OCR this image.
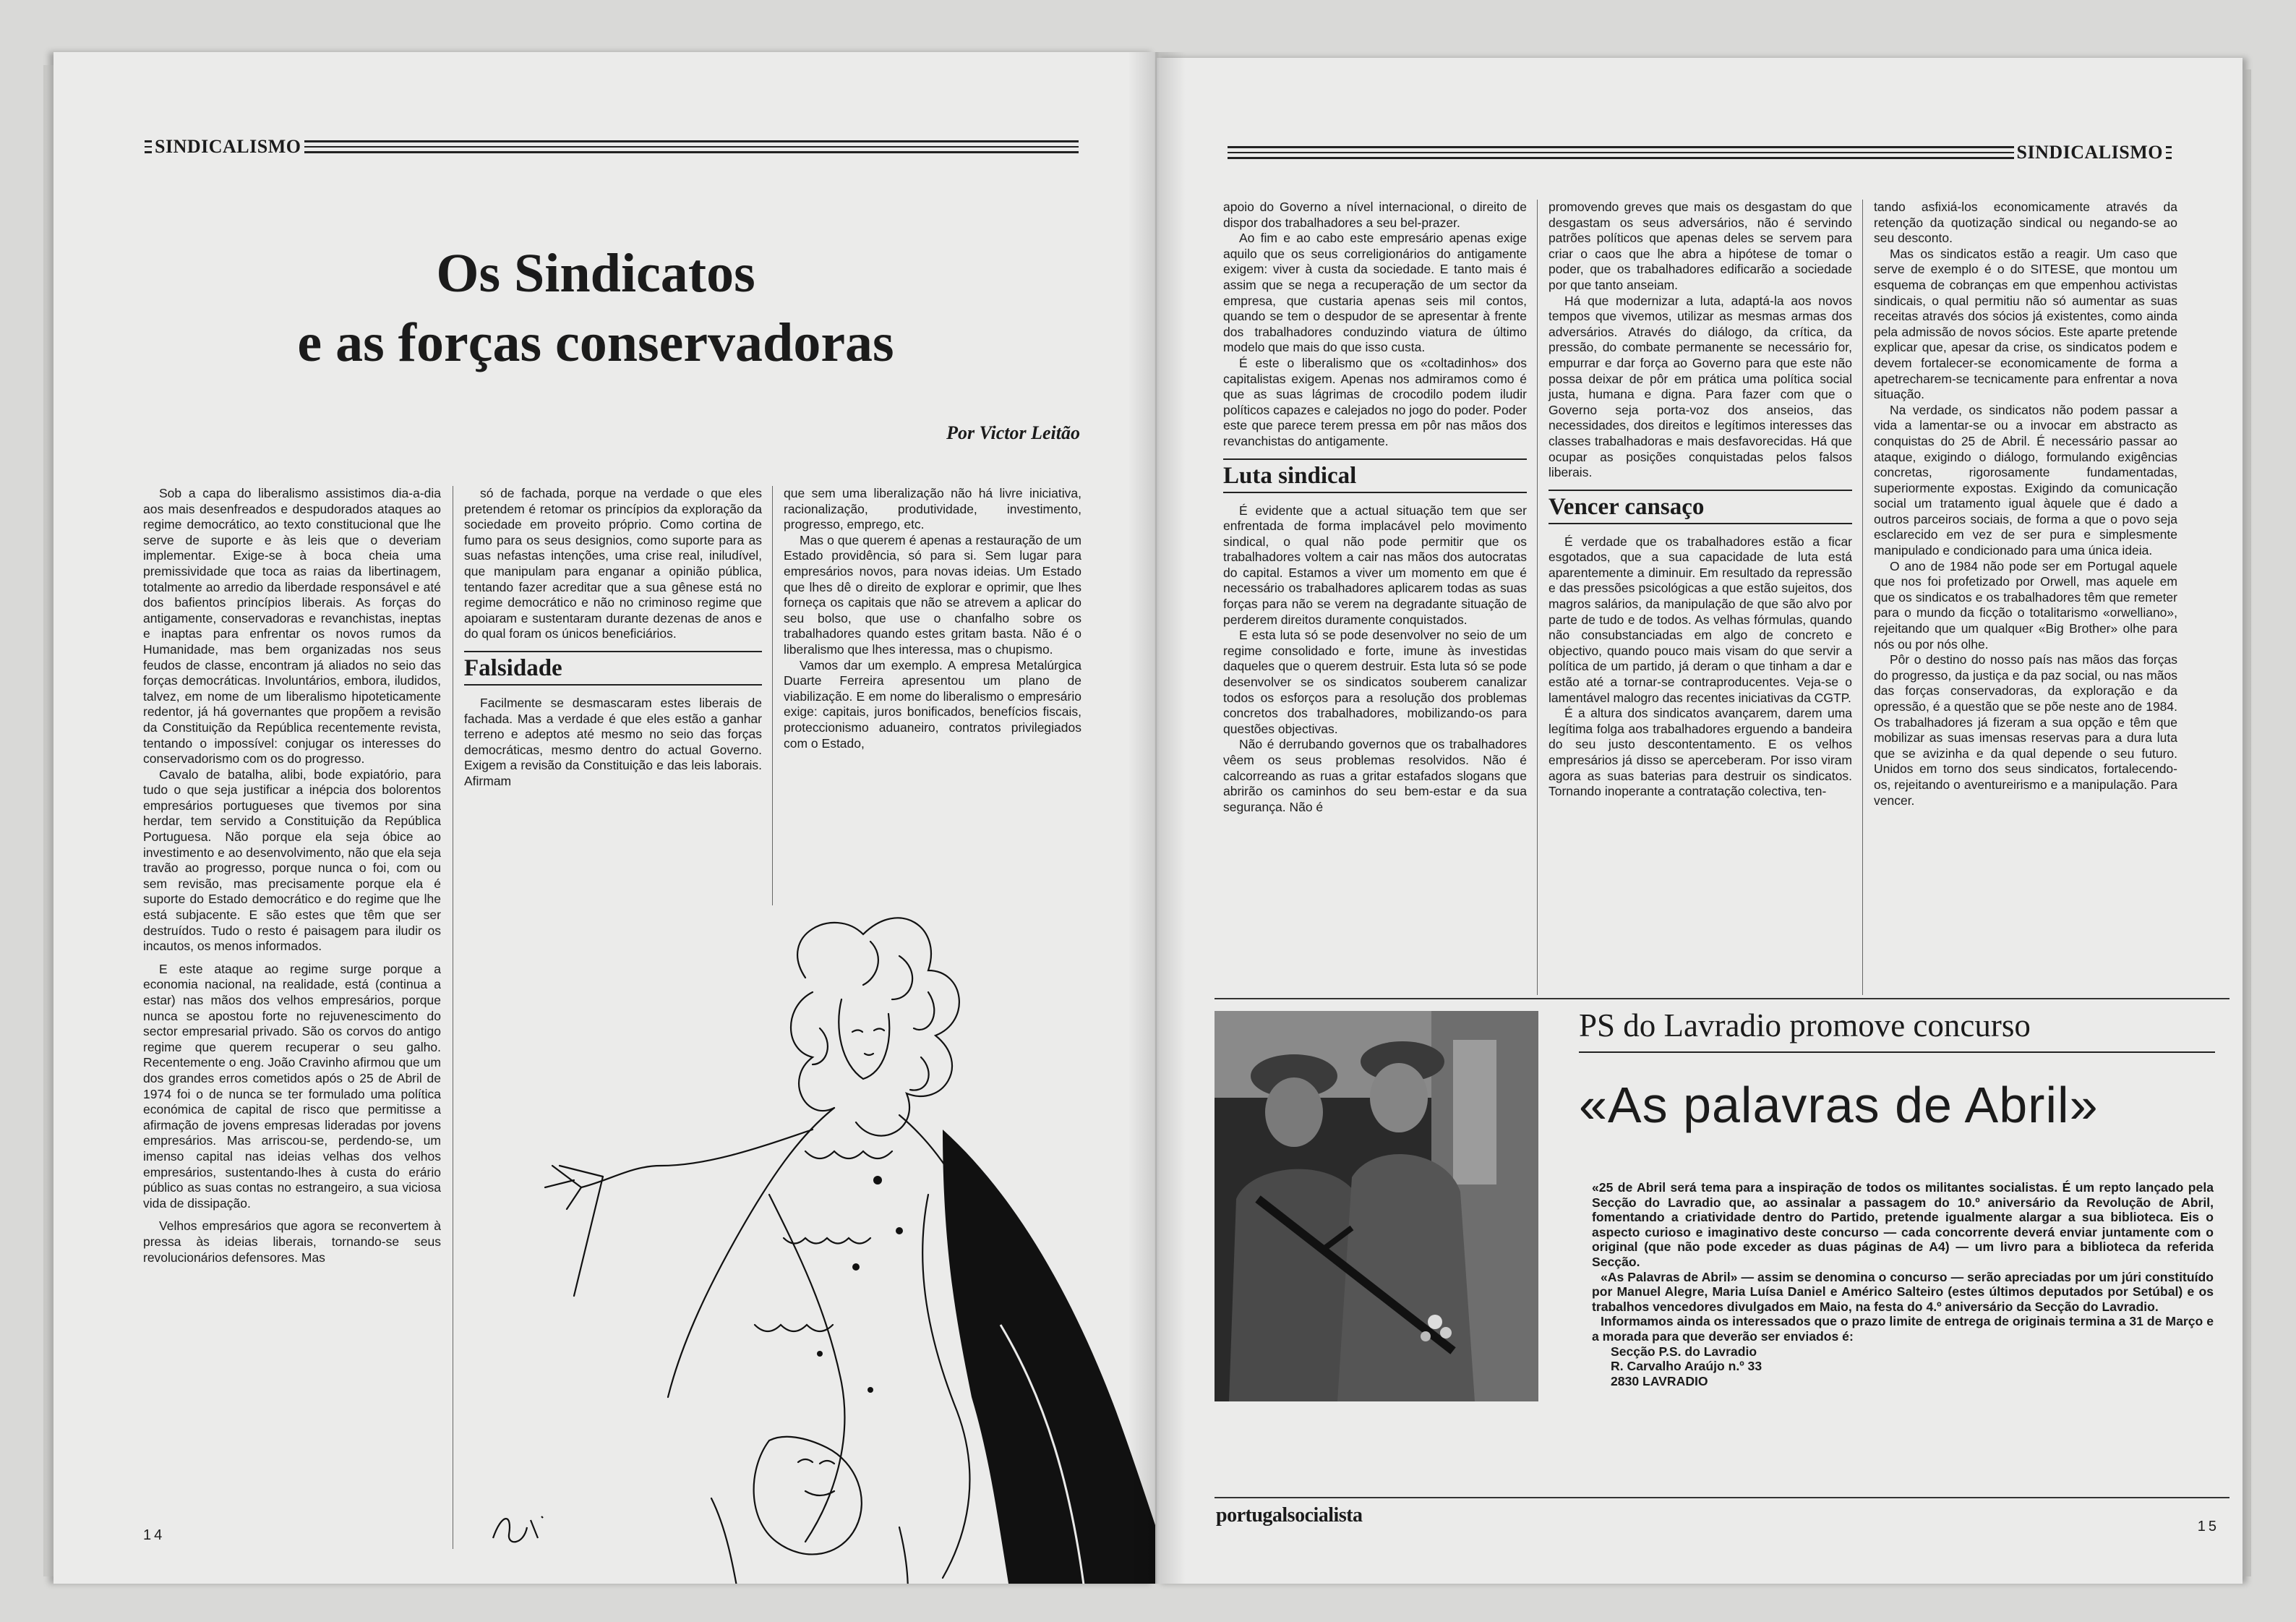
SINDICALISMO
Os Sindicatos
e as forças conservadoras
Por Victor Leitão

Sob a capa do liberalismo assistimos dia-a-dia aos mais desenfreados e despudorados ataques ao regime democrático, ao texto constitucional que lhe serve de suporte e às leis que o deveriam implementar. Exige-se à boca cheia uma premissividade que toca as raias da libertinagem, totalmente ao arredio da liberdade responsável e até dos bafientos princípios liberais. As forças do antigamente, conservadoras e revanchistas, ineptas e inaptas para enfrentar os novos rumos da Humanidade, mas bem organizadas nos seus feudos de classe, encontram já aliados no seio das forças democráticas. Involuntários, embora, iludidos, talvez, em nome de um liberalismo hipoteticamente redentor, já há governantes que propõem a revisão da Constituição da República recentemente revista, tentando o impossível: conjugar os interesses do conservadorismo com os do progresso.

Cavalo de batalha, alibi, bode expiatório, para tudo o que seja justificar a inépcia dos bolorentos empresários portugueses que tivemos por sina herdar, tem servido a Constituição da República Portuguesa. Não porque ela seja óbice ao investimento e ao desenvolvimento, não que ela seja travão ao progresso, porque nunca o foi, com ou sem revisão, mas precisamente porque ela é suporte do Estado democrático e do regime que lhe está subjacente. E são estes que têm que ser destruídos. Tudo o resto é paisagem para iludir os incautos, os menos informados.

E este ataque ao regime surge porque a economia nacional, na realidade, está (continua a estar) nas mãos dos velhos empresários, porque nunca se apostou forte no rejuvenescimento do sector empresarial privado. São os corvos do antigo regime que querem recuperar o seu galho. Recentemente o eng. João Cravinho afirmou que um dos grandes erros cometidos após o 25 de Abril de 1974 foi o de nunca se ter formulado uma política económica de capital de risco que permitisse a afirmação de jovens empresas lideradas por jovens empresários. Mas arriscou-se, perdendo-se, um imenso capital nas ideias velhas dos velhos empresários, sustentando-lhes à custa do erário público as suas contas no estrangeiro, a sua viciosa vida de dissipação.

Velhos empresários que agora se reconvertem à pressa às ideias liberais, tornando-se seus revolucionários defensores. Mas

só de fachada, porque na verdade o que eles pretendem é retomar os princípios da exploração da sociedade em proveito próprio. Como cortina de fumo para os seus designios, como suporte para as suas nefastas intenções, uma crise real, iniludível, que manipulam para enganar a opinião pública, tentando fazer acreditar que a sua gênese está no regime democrático e não no criminoso regime que apoiaram e sustentaram durante dezenas de anos e do qual foram os únicos beneficiários.

Falsidade

Facilmente se desmascaram estes liberais de fachada. Mas a verdade é que eles estão a ganhar terreno e adeptos até mesmo no seio das forças democráticas, mesmo dentro do actual Governo. Exigem a revisão da Constituição e das leis laborais. Afirmam

que sem uma liberalização não há livre iniciativa, racionalização, produtividade, investimento, progresso, emprego, etc.

Mas o que querem é apenas a restauração de um Estado providência, só para si. Sem lugar para empresários novos, para novas ideias. Um Estado que lhes dê o direito de explorar e oprimir, que lhes forneça os capitais que não se atrevem a aplicar do seu bolso, que use o chanfalho sobre os trabalhadores quando estes gritam basta. Não é o liberalismo que lhes interessa, mas o chupismo.

Vamos dar um exemplo. A empresa Metalúrgica Duarte Ferreira apresentou um plano de viabilização. E em nome do liberalismo o empresário exige: capitais, juros bonificados, benefícios fiscais, proteccionismo aduaneiro, contratos privilegiados com o Estado,

14
SINDICALISMO

apoio do Governo a nível internacional, o direito de dispor dos trabalhadores a seu bel-prazer.

Ao fim e ao cabo este empresário apenas exige aquilo que os seus correligionários do antigamente exigem: viver à custa da sociedade. E tanto mais é assim que se nega a recuperação de um sector da empresa, que custaria apenas seis mil contos, quando se tem o despudor de se apresentar à frente dos trabalhadores conduzindo viatura de último modelo que mais do que isso custa.

É este o liberalismo que os «coltadinhos» dos capitalistas exigem. Apenas nos admiramos como é que as suas lágrimas de crocodilo podem iludir políticos capazes e calejados no jogo do poder. Poder este que parece terem pressa em pôr nas mãos dos revanchistas do antigamente.

Luta sindical

É evidente que a actual situação tem que ser enfrentada de forma implacável pelo movimento sindical, o qual não pode permitir que os trabalhadores voltem a cair nas mãos dos autocratas do capital. Estamos a viver um momento em que é necessário os trabalhadores aplicarem todas as suas forças para não se verem na degradante situação de perderem direitos duramente conquistados.

E esta luta só se pode desenvolver no seio de um regime consolidado e forte, imune às investidas daqueles que o querem destruir. Esta luta só se pode desenvolver se os sindicatos souberem canalizar todos os esforços para a resolução dos problemas concretos dos trabalhadores, mobilizando-os para questões objectivas.

Não é derrubando governos que os trabalhadores vêem os seus problemas resolvidos. Não é calcorreando as ruas a gritar estafados slogans que abrirão os caminhos do seu bem-estar e da sua segurança. Não é

promovendo greves que mais os desgastam do que desgastam os seus adversários, não é servindo patrões políticos que apenas deles se servem para criar o caos que lhe abra a hipótese de tomar o poder, que os trabalhadores edificarão a sociedade por que tanto anseiam.

Há que modernizar a luta, adaptá-la aos novos tempos que vivemos, utilizar as mesmas armas dos adversários. Através do diálogo, da crítica, da pressão, do combate permanente se necessário for, empurrar e dar força ao Governo para que este não possa deixar de pôr em prática uma política social justa, humana e digna. Para fazer com que o Governo seja porta-voz dos anseios, das necessidades, dos direitos e legítimos interesses das classes trabalhadoras e mais desfavorecidas. Há que ocupar as posições conquistadas pelos falsos liberais.

Vencer cansaço

É verdade que os trabalhadores estão a ficar esgotados, que a sua capacidade de luta está aparentemente a diminuir. Em resultado da repressão e das pressões psicológicas a que estão sujeitos, dos magros salários, da manipulação de que são alvo por parte de tudo e de todos. As velhas fórmulas, quando não consubstanciadas em algo de concreto e objectivo, quando pouco mais visam do que servir a política de um partido, já deram o que tinham a dar e estão até a tornar-se contraproducentes. Veja-se o lamentável malogro das recentes iniciativas da CGTP.

É a altura dos sindicatos avançarem, darem uma legítima folga aos trabalhadores erguendo a bandeira do seu justo descontentamento. E os velhos empresários já disso se aperceberam. Por isso viram agora as suas baterias para destruir os sindicatos. Tornando inoperante a contratação colectiva, ten-

tando asfixiá-los economicamente através da retenção da quotização sindical ou negando-se ao seu desconto.

Mas os sindicatos estão a reagir. Um caso que serve de exemplo é o do SITESE, que montou um esquema de cobranças em que empenhou activistas sindicais, o qual permitiu não só aumentar as suas receitas através dos sócios já existentes, como ainda pela admissão de novos sócios. Este aparte pretende explicar que, apesar da crise, os sindicatos podem e devem fortalecer-se economicamente de forma a apetrecharem-se tecnicamente para enfrentar a nova situação.

Na verdade, os sindicatos não podem passar a vida a lamentar-se ou a invocar em abstracto as conquistas do 25 de Abril. É necessário passar ao ataque, exigindo o diálogo, formulando exigências concretas, rigorosamente fundamentadas, superiormente expostas. Exigindo da comunicação social um tratamento igual àquele que é dado a outros parceiros sociais, de forma a que o povo seja esclarecido em vez de ser pura e simplesmente manipulado e condicionado para uma única ideia.

O ano de 1984 não pode ser em Portugal aquele que nos foi profetizado por Orwell, mas aquele em que os sindicatos e os trabalhadores têm que remeter para o mundo da ficção o totalitarismo «orwelliano», rejeitando que um qualquer «Big Brother» olhe para nós ou por nós olhe.

Pôr o destino do nosso país nas mãos das forças do progresso, da justiça e da paz social, ou nas mãos das forças conservadoras, da exploração e da opressão, é a questão que se põe neste ano de 1984. Os trabalhadores já fizeram a sua opção e têm que mobilizar as suas imensas reservas para a dura luta que se avizinha e da qual depende o seu futuro. Unidos em torno dos seus sindicatos, fortalecendo-os, rejeitando o aventureirismo e a manipulação. Para vencer.

PS do Lavradio promove concurso
«As palavras de Abril»

«25 de Abril será tema para a inspiração de todos os militantes socialistas. É um repto lançado pela Secção do Lavradio que, ao assinalar a passagem do 10.º aniversário da Revolução de Abril, fomentando a criatividade dentro do Partido, pretende igualmente alargar a sua biblioteca. Eis o aspecto curioso e imaginativo deste concurso — cada concorrente deverá enviar juntamente com o original (que não pode exceder as duas páginas de A4) — um livro para a biblioteca da referida Secção.

«As Palavras de Abril» — assim se denomina o concurso — serão apreciadas por um júri constituído por Manuel Alegre, Maria Luísa Daniel e Américo Salteiro (estes últimos deputados por Setúbal) e os trabalhos vencedores divulgados em Maio, na festa do 4.º aniversário da Secção do Lavradio.

Informamos ainda os interessados que o prazo limite de entrega de originais termina a 31 de Março e a morada para que deverão ser enviados é:

Secção P.S. do Lavradio

R. Carvalho Araújo n.º 33

2830 LAVRADIO

portugalsocialista	15
